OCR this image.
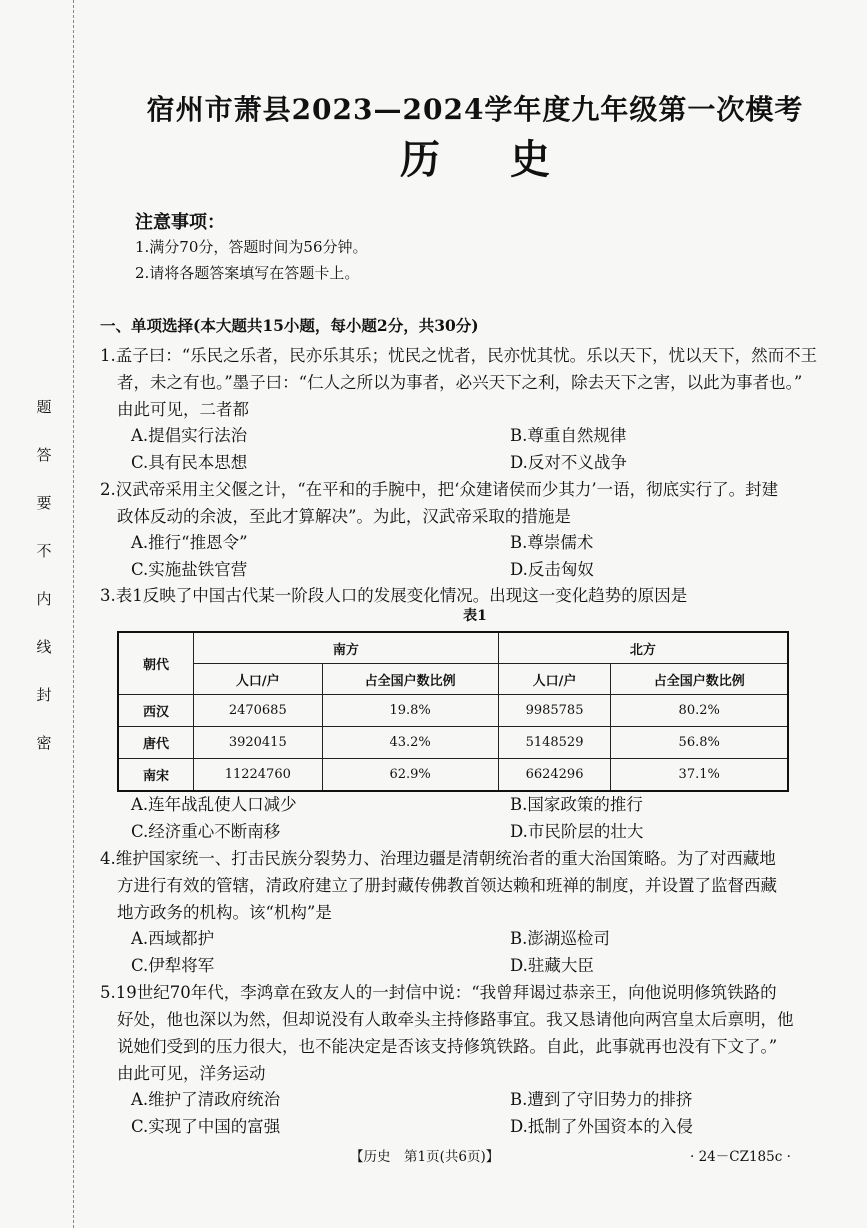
题
答
要
不
内
线
封
密
宿州市萧县2023—2024学年度九年级第一次模考
历史
注意事项：
1.满分70分，答题时间为56分钟。
2.请将各题答案填写在答题卡上。
一、单项选择(本大题共15小题，每小题2分，共30分)
1.孟子曰：“乐民之乐者，民亦乐其乐；忧民之忧者，民亦忧其忧。乐以天下，忧以天下，然而不王
者，未之有也。”墨子曰：“仁人之所以为事者，必兴天下之利，除去天下之害，以此为事者也。”
由此可见，二者都
A.提倡实行法治	B.尊重自然规律
C.具有民本思想	D.反对不义战争
2.汉武帝采用主父偃之计，“在平和的手腕中，把‘众建诸侯而少其力’一语，彻底实行了。封建
政体反动的余波，至此才算解决”。为此，汉武帝采取的措施是
A.推行“推恩令”	B.尊崇儒术
C.实施盐铁官营	D.反击匈奴
3.表1反映了中国古代某一阶段人口的发展变化情况。出现这一变化趋势的原因是
表1
朝代	南方		北方	
	人口/户	占全国户数比例	人口/户	占全国户数比例
西汉	2470685	19.8%	9985785	80.2%
唐代	3920415	43.2%	5148529	56.8%
南宋	11224760	62.9%	6624296	37.1%
A.连年战乱使人口减少	B.国家政策的推行
C.经济重心不断南移	D.市民阶层的壮大
4.维护国家统一、打击民族分裂势力、治理边疆是清朝统治者的重大治国策略。为了对西藏地
方进行有效的管辖，清政府建立了册封藏传佛教首领达赖和班禅的制度，并设置了监督西藏
地方政务的机构。该“机构”是
A.西域都护	B.澎湖巡检司
C.伊犁将军	D.驻藏大臣
5.19世纪70年代，李鸿章在致友人的一封信中说：“我曾拜谒过恭亲王，向他说明修筑铁路的
好处，他也深以为然，但却说没有人敢牵头主持修路事宜。我又恳请他向两宫皇太后禀明，他
说她们受到的压力很大，也不能决定是否该支持修筑铁路。自此，此事就再也没有下文了。”
由此可见，洋务运动
A.维护了清政府统治	B.遭到了守旧势力的排挤
C.实现了中国的富强	D.抵制了外国资本的入侵
【历史　第1页(共6页)】	· 24－CZ185c ·
